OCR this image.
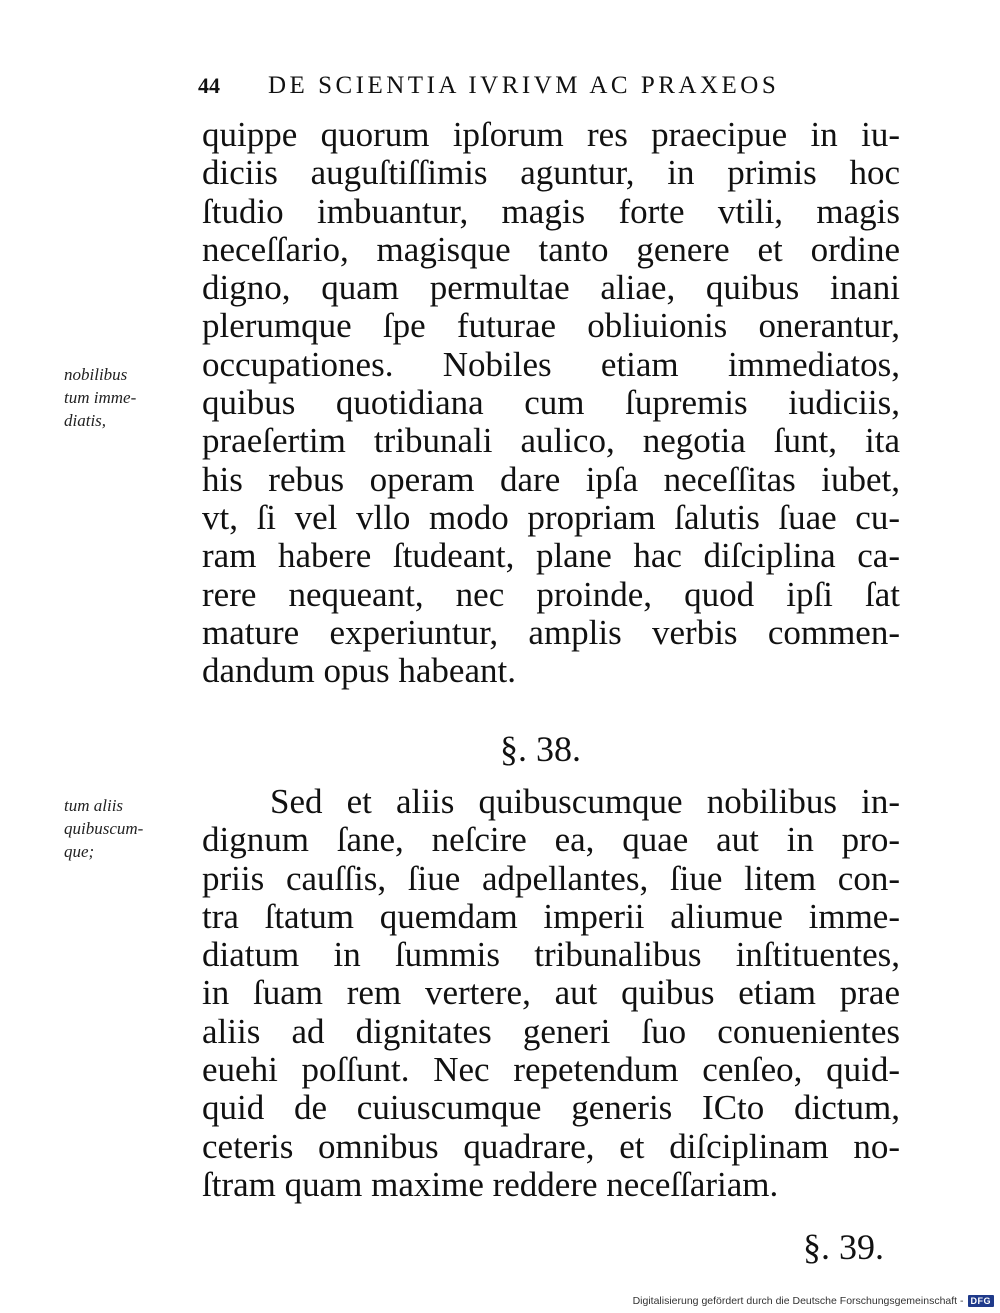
44 DE SCIENTIA IVRIVM AC PRAXEOS
nobilibus
tum imme-
diatis,
quippe quorum ipſorum res praecipue in iu-
diciis auguſtiſſimis aguntur, in primis hoc
ſtudio imbuantur, magis forte vtili, magis
neceſſario, magisque tanto genere et ordine
digno, quam permultae aliae, quibus inani
plerumque ſpe futurae obliuionis onerantur,
occupationes. Nobiles etiam immediatos,
quibus quotidiana cum ſupremis iudiciis,
praeſertim tribunali aulico, negotia ſunt, ita
his rebus operam dare ipſa neceſſitas iubet,
vt, ſi vel vllo modo propriam ſalutis ſuae cu-
ram habere ſtudeant, plane hac diſciplina ca-
rere nequeant, nec proinde, quod ipſi ſat
mature experiuntur, amplis verbis commen-
dandum opus habeant.
§. 38.
tum aliis
quibuscum-
que;
Sed et aliis quibuscumque nobilibus in-
dignum ſane, neſcire ea, quae aut in pro-
priis cauſſis, ſiue adpellantes, ſiue litem con-
tra ſtatum quemdam imperii aliumue imme-
diatum in ſummis tribunalibus inſtituentes,
in ſuam rem vertere, aut quibus etiam prae
aliis ad dignitates generi ſuo conuenientes
euehi poſſunt. Nec repetendum cenſeo, quid-
quid de cuiuscumque generis ICto dictum,
ceteris omnibus quadrare, et diſciplinam no-
ſtram quam maxime reddere neceſſariam.
§. 39.
Digitalisierung gefördert durch die Deutsche Forschungsgemeinschaft - DFG
